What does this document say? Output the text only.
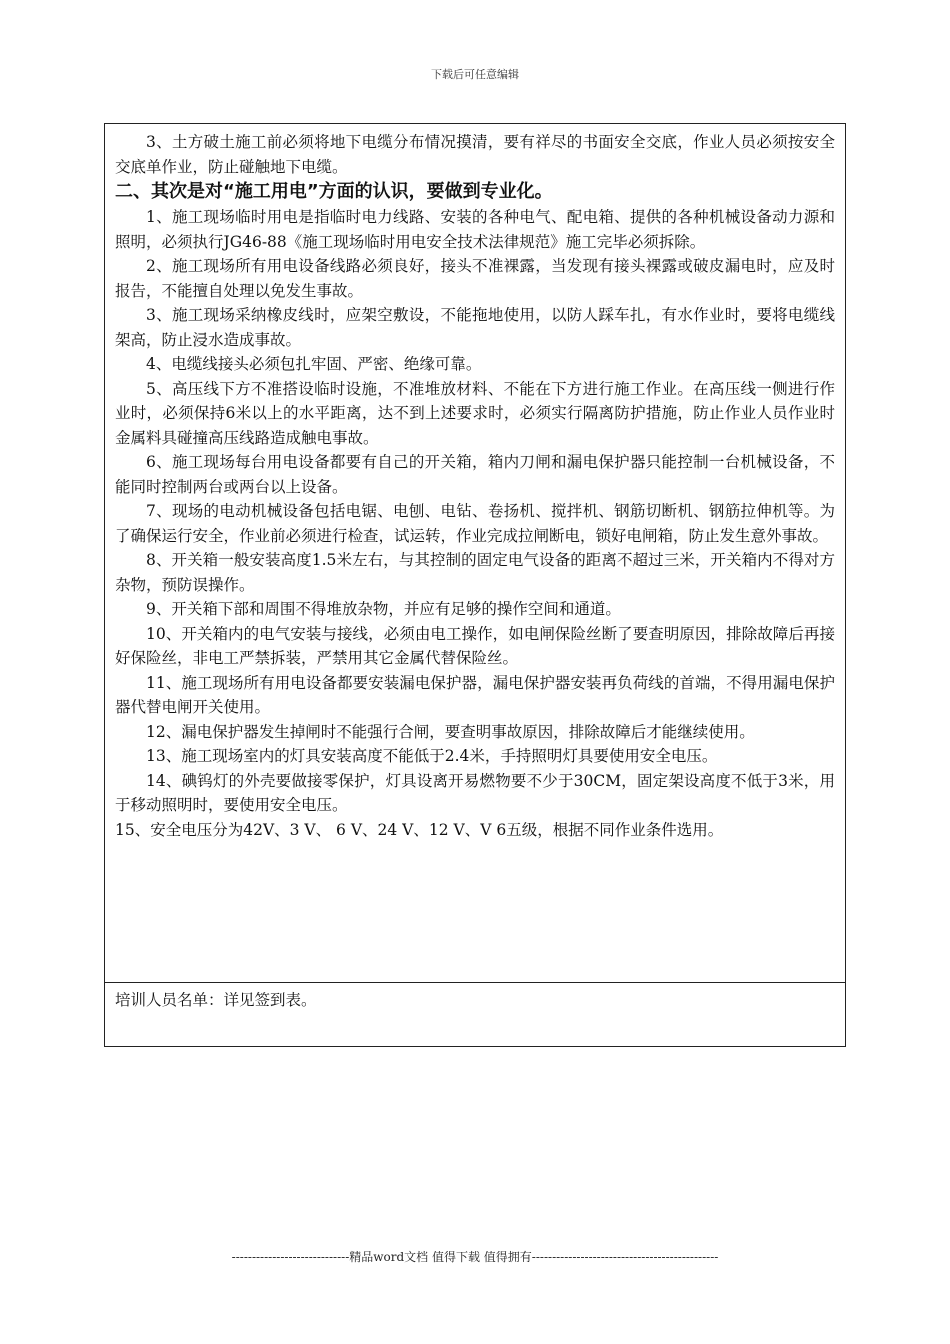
下载后可任意编辑

3、土方破土施工前必须将地下电缆分布情况摸清，要有祥尽的书面安全交底，作业人员必须按安全交底单作业，防止碰触地下电缆。

二、其次是对“施工用电”方面的认识，要做到专业化。

1、施工现场临时用电是指临时电力线路、安装的各种电气、配电箱、提供的各种机械设备动力源和照明，必须执行JG46-88《施工现场临时用电安全技术法律规范》施工完毕必须拆除。

2、施工现场所有用电设备线路必须良好，接头不准裸露，当发现有接头裸露或破皮漏电时，应及时报告，不能擅自处理以免发生事故。

3、施工现场采纳橡皮线时，应架空敷设，不能拖地使用，以防人踩车扎，有水作业时，要将电缆线架高，防止浸水造成事故。

4、电缆线接头必须包扎牢固、严密、绝缘可靠。

5、高压线下方不准搭设临时设施，不准堆放材料、不能在下方进行施工作业。在高压线一侧进行作业时，必须保持6米以上的水平距离，达不到上述要求时，必须实行隔离防护措施，防止作业人员作业时金属料具碰撞高压线路造成触电事故。

6、施工现场每台用电设备都要有自己的开关箱，箱内刀闸和漏电保护器只能控制一台机械设备，不能同时控制两台或两台以上设备。

7、现场的电动机械设备包括电锯、电刨、电钻、卷扬机、搅拌机、钢筋切断机、钢筋拉伸机等。为了确保运行安全，作业前必须进行检查，试运转，作业完成拉闸断电，锁好电闸箱，防止发生意外事故。

8、开关箱一般安装高度1.5米左右，与其控制的固定电气设备的距离不超过三米，开关箱内不得对方杂物，预防误操作。

9、开关箱下部和周围不得堆放杂物，并应有足够的操作空间和通道。

10、开关箱内的电气安装与接线，必须由电工操作，如电闸保险丝断了要查明原因，排除故障后再接好保险丝，非电工严禁拆装，严禁用其它金属代替保险丝。

11、施工现场所有用电设备都要安装漏电保护器，漏电保护器安装再负荷线的首端，不得用漏电保护器代替电闸开关使用。

12、漏电保护器发生掉闸时不能强行合闸，要查明事故原因，排除故障后才能继续使用。

13、施工现场室内的灯具安装高度不能低于2.4米，手持照明灯具要使用安全电压。

14、碘钨灯的外壳要做接零保护，灯具设离开易燃物要不少于30CM，固定架设高度不低于3米，用于移动照明时，要使用安全电压。

15、安全电压分为42V、3 V、 6 V、24 V、12 V、V 6五级，根据不同作业条件选用。

培训人员名单：详见签到表。
-----------------------------精品word文档 值得下载 值得拥有----------------------------------------------
